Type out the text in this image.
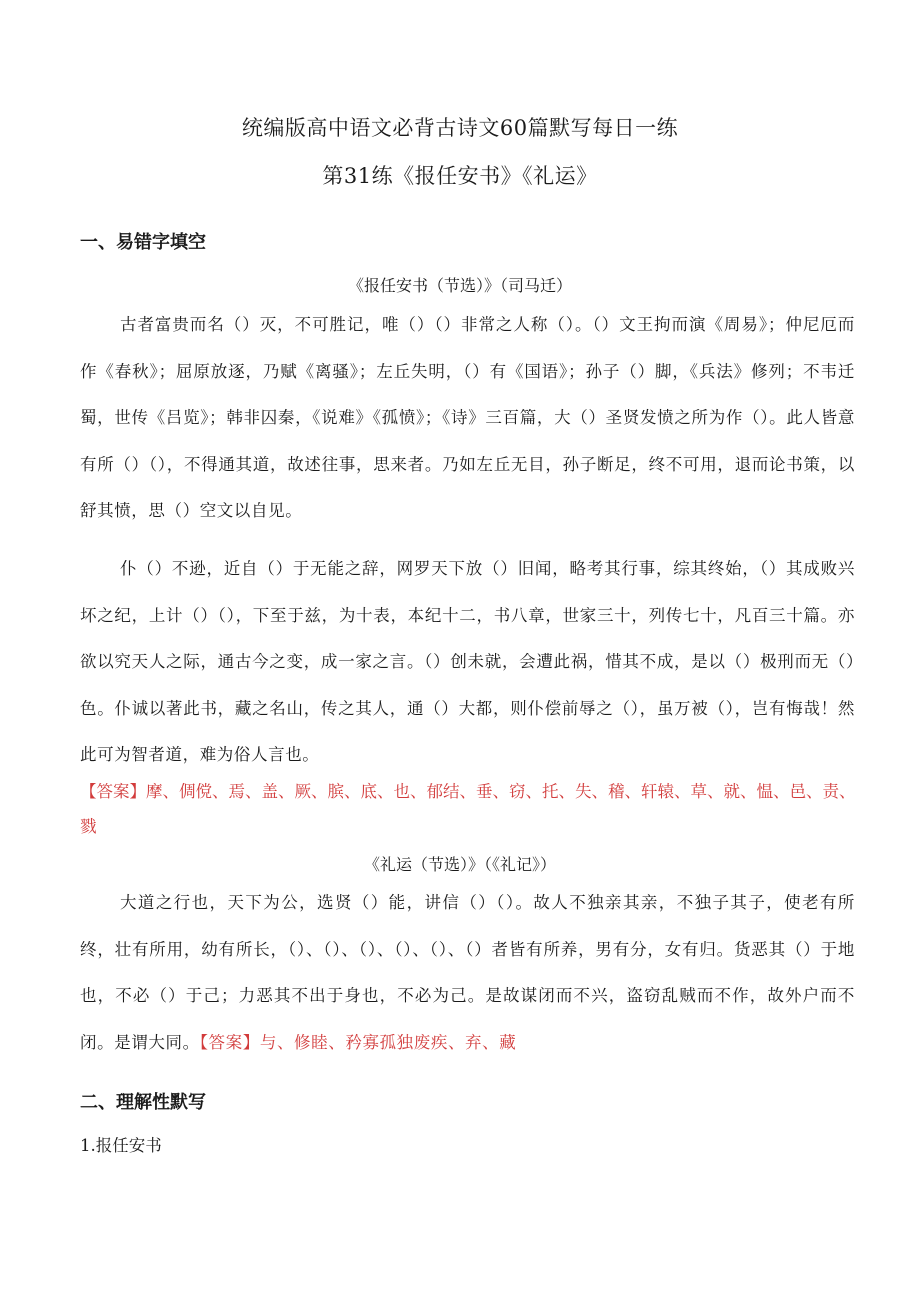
统编版高中语文必背古诗文60篇默写每日一练
第31练《报任安书》《礼运》
一、易错字填空
《报任安书（节选）》（司马迁）
古者富贵而名（）灭，不可胜记，唯（）（）非常之人称（）。（）文王拘而演《周易》；仲尼厄而作《春秋》；屈原放逐，乃赋《离骚》；左丘失明，（）有《国语》；孙子（）脚，《兵法》修列；不韦迁蜀，世传《吕览》；韩非囚秦，《说难》《孤愤》；《诗》三百篇，大（）圣贤发愤之所为作（）。此人皆意有所（）（），不得通其道，故述往事，思来者。乃如左丘无目，孙子断足，终不可用，退而论书策，以舒其愤，思（）空文以自见。
仆（）不逊，近自（）于无能之辞，网罗天下放（）旧闻，略考其行事，综其终始，（）其成败兴坏之纪，上计（）（），下至于兹，为十表，本纪十二，书八章，世家三十，列传七十，凡百三十篇。亦欲以究天人之际，通古今之变，成一家之言。（）创未就，会遭此祸，惜其不成，是以（）极刑而无（）色。仆诚以著此书，藏之名山，传之其人，通（）大都，则仆偿前辱之（），虽万被（），岂有悔哉！然此可为智者道，难为俗人言也。
【答案】摩、倜傥、焉、盖、厥、膑、底、也、郁结、垂、窃、托、失、稽、轩辕、草、就、愠、邑、责、戮
《礼运（节选）》（《礼记》）
大道之行也，天下为公，选贤（）能，讲信（）（）。故人不独亲其亲，不独子其子，使老有所终，壮有所用，幼有所长，（）、（）、（）、（）、（）、（）者皆有所养，男有分，女有归。货恶其（）于地也，不必（）于己；力恶其不出于身也，不必为己。是故谋闭而不兴，盗窃乱贼而不作，故外户而不闭。是谓大同。【答案】与、修睦、矜寡孤独废疾、弃、藏
二、理解性默写
1.报任安书
